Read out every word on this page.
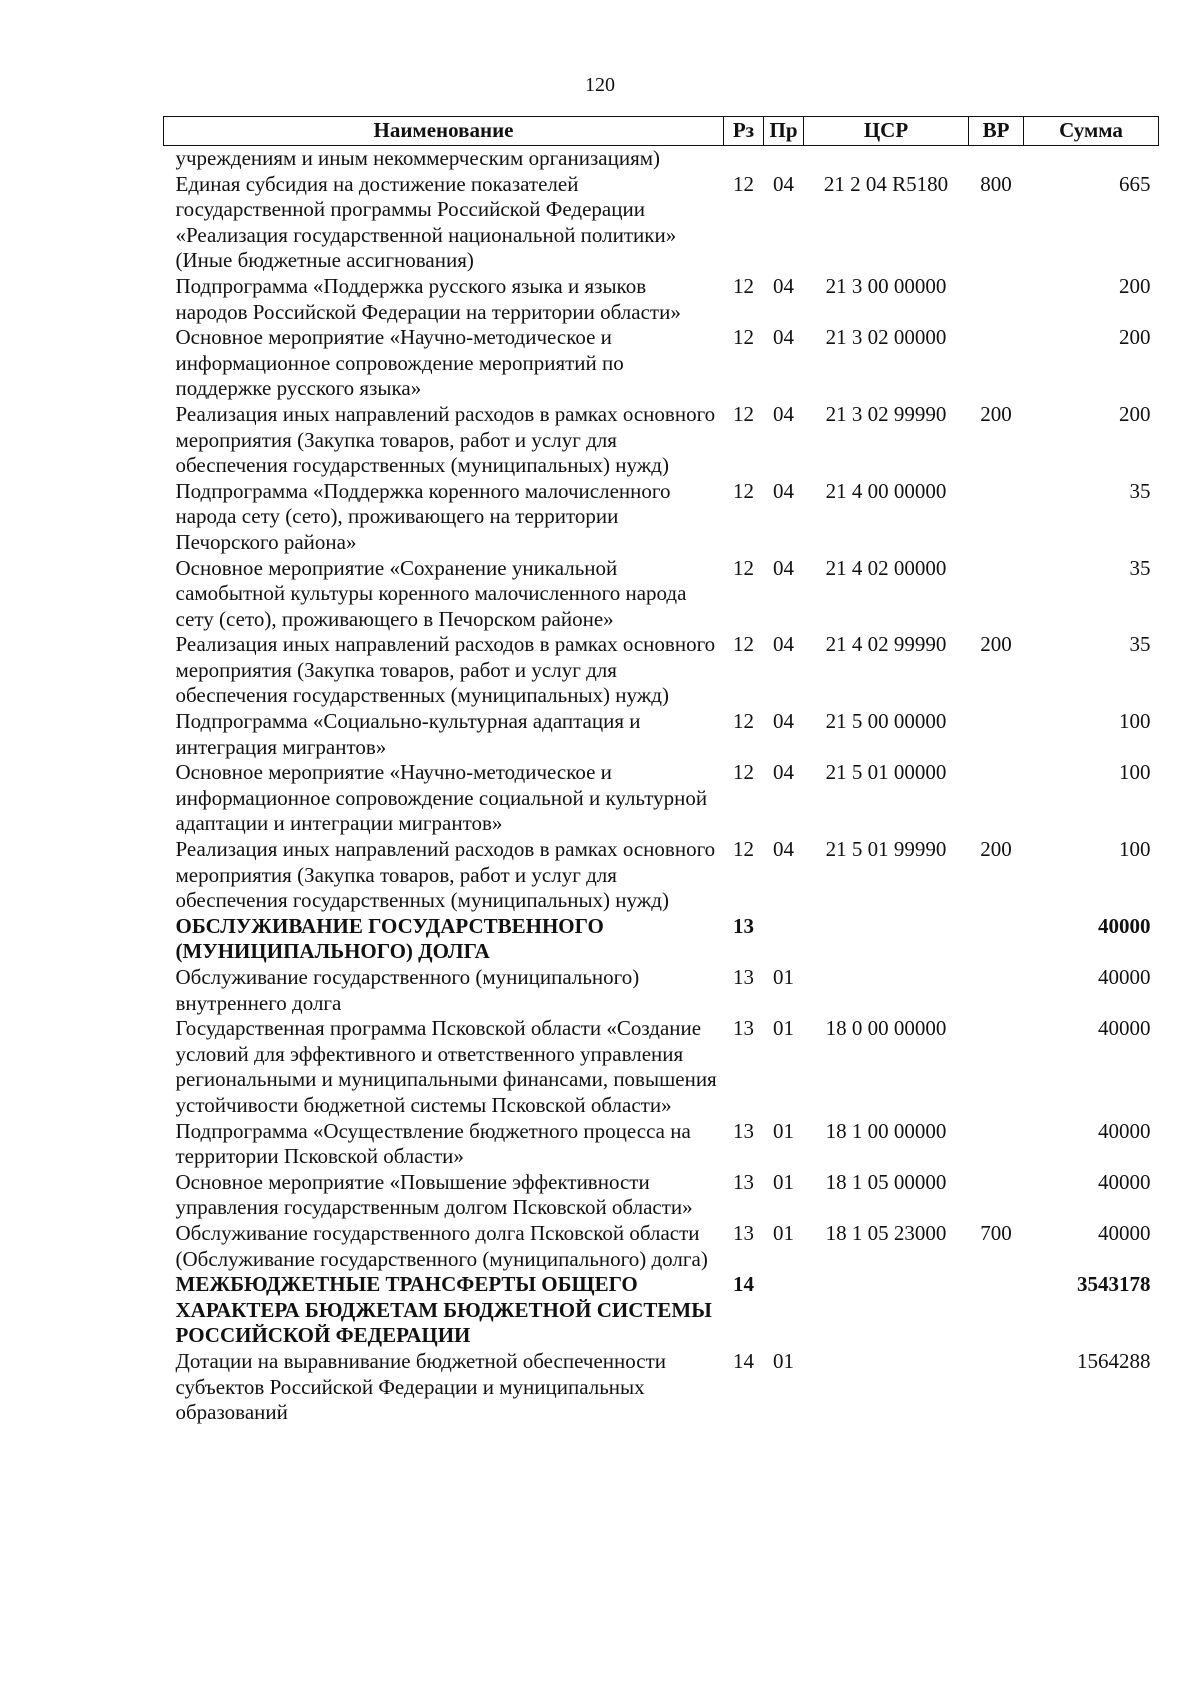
120
Наименование	Рз	Пр	ЦСР	ВР	Сумма
учреждениям и иным некоммерческим организациям)					
Единая субсидия на достижение показателей государственной программы Российской Федерации «Реализация государственной национальной политики» (Иные бюджетные ассигнования)	12	04	21 2 04 R5180	800	665
Подпрограмма «Поддержка русского языка и языков народов Российской Федерации на территории области»	12	04	21 3 00 00000		200
Основное мероприятие «Научно-методическое и информационное сопровождение мероприятий по поддержке русского языка»	12	04	21 3 02 00000		200
Реализация иных направлений расходов в рамках основного мероприятия (Закупка товаров, работ и услуг для обеспечения государственных (муниципальных) нужд)	12	04	21 3 02 99990	200	200
Подпрограмма «Поддержка коренного малочисленного народа сету (сето), проживающего на территории Печорского района»	12	04	21 4 00 00000		35
Основное мероприятие «Сохранение уникальной самобытной культуры коренного малочисленного народа сету (сето), проживающего в Печорском районе»	12	04	21 4 02 00000		35
Реализация иных направлений расходов в рамках основного мероприятия (Закупка товаров, работ и услуг для обеспечения государственных (муниципальных) нужд)	12	04	21 4 02 99990	200	35
Подпрограмма «Социально-культурная адаптация и интеграция мигрантов»	12	04	21 5 00 00000		100
Основное мероприятие «Научно-методическое и информационное сопровождение социальной и культурной адаптации и интеграции мигрантов»	12	04	21 5 01 00000		100
Реализация иных направлений расходов в рамках основного мероприятия (Закупка товаров, работ и услуг для обеспечения государственных (муниципальных) нужд)	12	04	21 5 01 99990	200	100
ОБСЛУЖИВАНИЕ ГОСУДАРСТВЕННОГО (МУНИЦИПАЛЬНОГО) ДОЛГА	13				40000
Обслуживание государственного (муниципального) внутреннего долга	13	01			40000
Государственная программа Псковской области «Создание условий для эффективного и ответственного управления региональными и муниципальными финансами, повышения устойчивости бюджетной системы Псковской области»	13	01	18 0 00 00000		40000
Подпрограмма «Осуществление бюджетного процесса на территории Псковской области»	13	01	18 1 00 00000		40000
Основное мероприятие «Повышение эффективности управления государственным долгом Псковской области»	13	01	18 1 05 00000		40000
Обслуживание государственного долга Псковской области (Обслуживание государственного (муниципального) долга)	13	01	18 1 05 23000	700	40000
МЕЖБЮДЖЕТНЫЕ ТРАНСФЕРТЫ ОБЩЕГО ХАРАКТЕРА БЮДЖЕТАМ БЮДЖЕТНОЙ СИСТЕМЫ РОССИЙСКОЙ ФЕДЕРАЦИИ	14				3543178
Дотации на выравнивание бюджетной обеспеченности субъектов Российской Федерации и муниципальных образований	14	01			1564288
